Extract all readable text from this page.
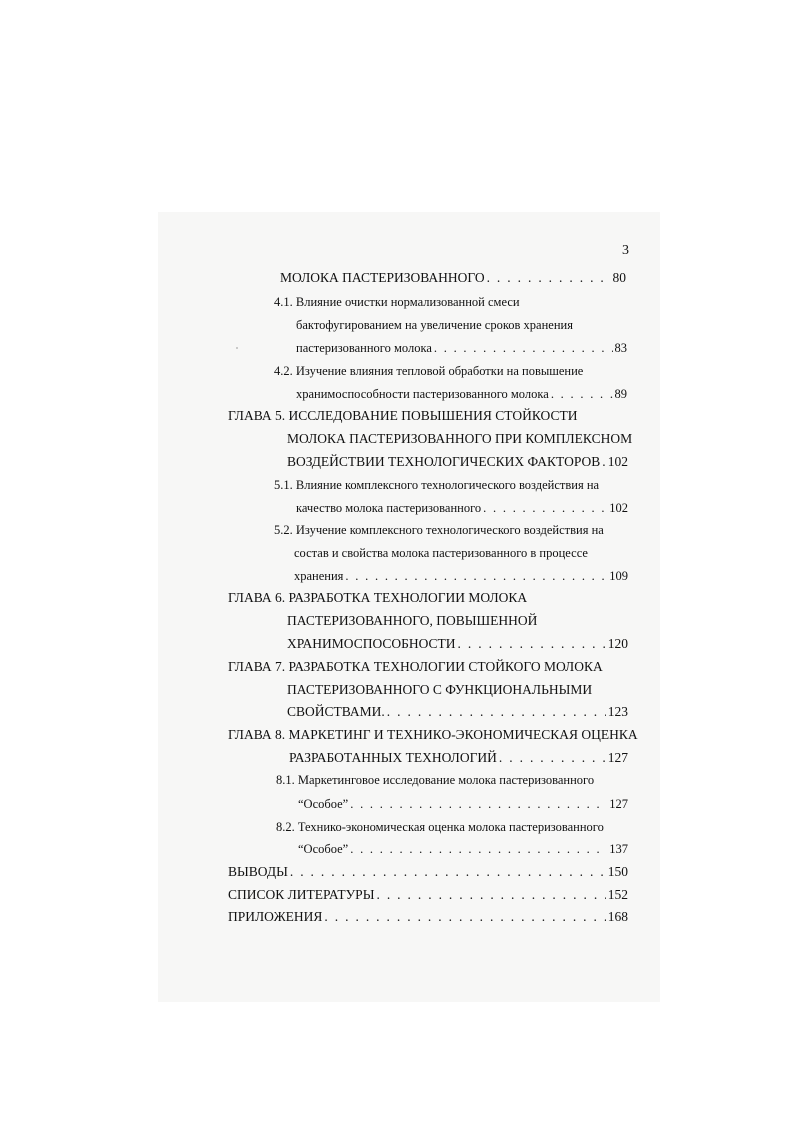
3
МОЛОКА ПАСТЕРИЗОВАННОГО . . .	80
4.1. Влияние очистки нормализованной смеси
бактофугированием на увеличение сроков хранения
пастеризованного молока . . .	83
4.2. Изучение влияния тепловой обработки на повышение
хранимоспособности пастеризованного молока . . .	89
ГЛАВА 5. ИССЛЕДОВАНИЕ ПОВЫШЕНИЯ СТОЙКОСТИ
МОЛОКА ПАСТЕРИЗОВАННОГО ПРИ КОМПЛЕКСНОМ
ВОЗДЕЙСТВИИ ТЕХНОЛОГИЧЕСКИХ ФАКТОРОВ . . . 102
5.1. Влияние комплексного технологического воздействия на
качество молока пастеризованного . . .	102
5.2. Изучение комплексного технологического воздействия на
состав и свойства молока пастеризованного в процессе
хранения . . .	109
ГЛАВА 6. РАЗРАБОТКА ТЕХНОЛОГИИ МОЛОКА
ПАСТЕРИЗОВАННОГО, ПОВЫШЕННОЙ
ХРАНИМОСПОСОБНОСТИ . . .	120
ГЛАВА 7. РАЗРАБОТКА ТЕХНОЛОГИИ СТОЙКОГО МОЛОКА
ПАСТЕРИЗОВАННОГО С ФУНКЦИОНАЛЬНЫМИ
СВОЙСТВАМИ. . . .	123
ГЛАВА 8. МАРКЕТИНГ И ТЕХНИКО-ЭКОНОМИЧЕСКАЯ ОЦЕНКА
РАЗРАБОТАННЫХ ТЕХНОЛОГИЙ . . .	127
8.1. Маркетинговое исследование молока пастеризованного
“Особое” . . .	127
8.2. Технико-экономическая оценка молока пастеризованного
“Особое” . . .	137
ВЫВОДЫ . . .	150
СПИСОК ЛИТЕРАТУРЫ . . .	152
ПРИЛОЖЕНИЯ . . .	168
